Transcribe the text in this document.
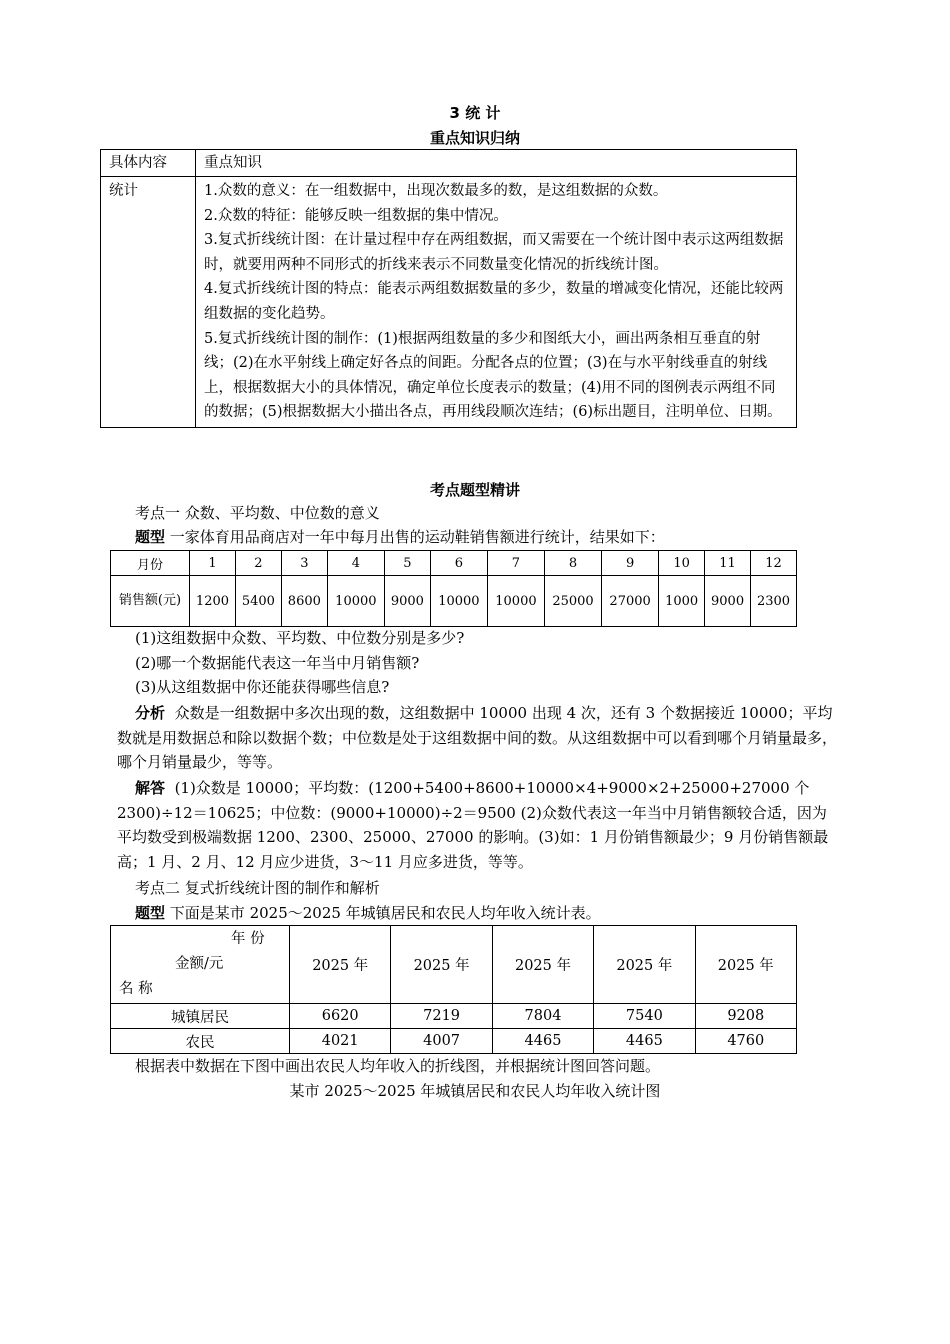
3 统 计
重点知识归纳
具体内容	重点知识
统计	1.众数的意义：在一组数据中，出现次数最多的数，是这组数据的众数。
2.众数的特征：能够反映一组数据的集中情况。
3.复式折线统计图：在计量过程中存在两组数据，而又需要在一个统计图中表示这两组数据时，就要用两种不同形式的折线来表示不同数量变化情况的折线统计图。
4.复式折线统计图的特点：能表示两组数据数量的多少，数量的增减变化情况，还能比较两组数据的变化趋势。
5.复式折线统计图的制作：(1)根据两组数量的多少和图纸大小，画出两条相互垂直的射线；(2)在水平射线上确定好各点的间距。分配各点的位置；(3)在与水平射线垂直的射线上，根据数据大小的具体情况，确定单位长度表示的数量；(4)用不同的图例表示两组不同的数据；(5)根据数据大小描出各点，再用线段顺次连结；(6)标出题目，注明单位、日期。
考点题型精讲
考点一 众数、平均数、中位数的意义
题型 一家体育用品商店对一年中每月出售的运动鞋销售额进行统计，结果如下：
月份	1	2	3	4	5	6	7	8	9	10	11	12
销售额(元)	1200	5400	8600	10000	9000	10000	10000	25000	27000	1000	9000	2300
(1)这组数据中众数、平均数、中位数分别是多少?
(2)哪一个数据能代表这一年当中月销售额?
(3)从这组数据中你还能获得哪些信息?
分析 众数是一组数据中多次出现的数，这组数据中 10000 出现 4 次，还有 3 个数据接近 10000；平均数就是用数据总和除以数据个数；中位数是处于这组数据中间的数。从这组数据中可以看到哪个月销量最多，哪个月销量最少，等等。
解答 (1)众数是 10000；平均数：(1200+5400+8600+10000×4+9000×2+25000+27000 个 2300)÷12＝10625；中位数：(9000+10000)÷2＝9500 (2)众数代表这一年当中月销售额较合适，因为平均数受到极端数据 1200、2300、25000、27000 的影响。(3)如：1 月份销售额最少；9 月份销售额最高；1 月、2 月、12 月应少进货，3～11 月应多进货，等等。
考点二 复式折线统计图的制作和解析
题型 下面是某市 2025～2025 年城镇居民和农民人均年收入统计表。
年 份
金额/元
名 称	2025 年	2025 年	2025 年	2025 年	2025 年
城镇居民	6620	7219	7804	7540	9208
农民	4021	4007	4465	4465	4760
根据表中数据在下图中画出农民人均年收入的折线图，并根据统计图回答问题。
某市 2025～2025 年城镇居民和农民人均年收入统计图
